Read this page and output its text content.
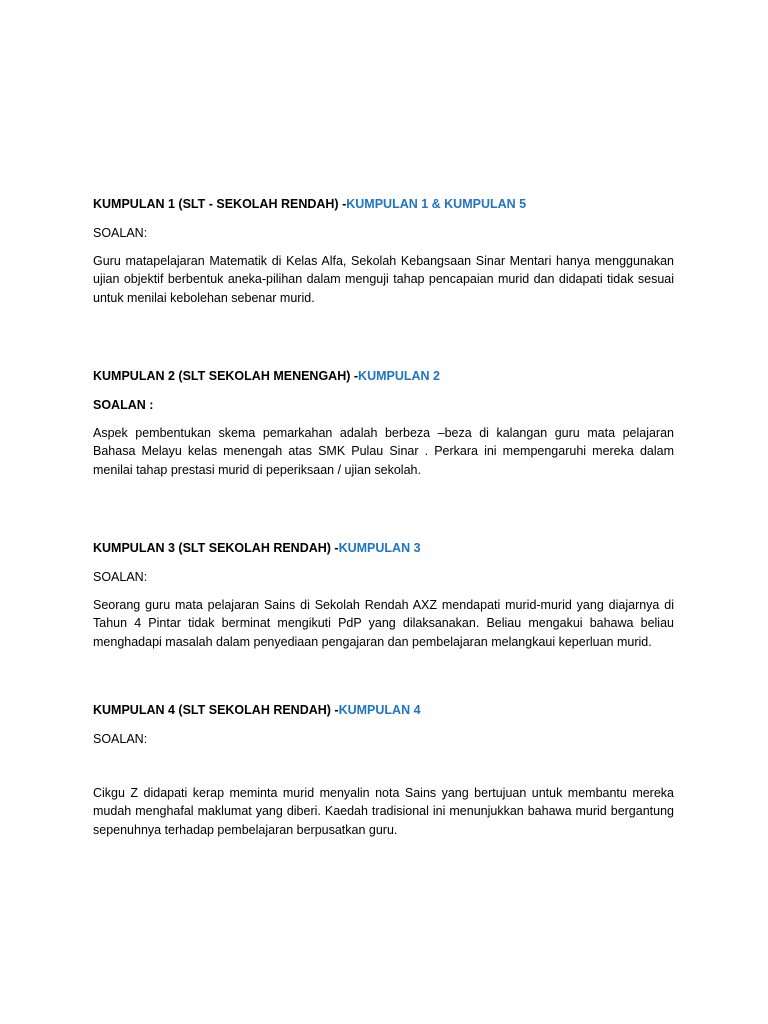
KUMPULAN 1 (SLT - SEKOLAH RENDAH) -KUMPULAN 1 & KUMPULAN 5

SOALAN:

Guru matapelajaran Matematik di Kelas Alfa, Sekolah Kebangsaan Sinar Mentari hanya menggunakan ujian objektif berbentuk aneka-pilihan dalam menguji tahap pencapaian murid dan didapati tidak sesuai untuk menilai kebolehan sebenar murid.

KUMPULAN 2 (SLT SEKOLAH MENENGAH) -KUMPULAN 2

SOALAN :

Aspek pembentukan skema pemarkahan adalah berbeza –beza di kalangan guru mata pelajaran Bahasa Melayu kelas menengah atas SMK Pulau Sinar . Perkara ini mempengaruhi mereka dalam menilai tahap prestasi murid di peperiksaan / ujian sekolah.

KUMPULAN 3 (SLT SEKOLAH RENDAH) -KUMPULAN 3

SOALAN:

Seorang guru mata pelajaran Sains di Sekolah Rendah AXZ mendapati murid-murid yang diajarnya di Tahun 4 Pintar tidak berminat mengikuti PdP yang dilaksanakan. Beliau mengakui bahawa beliau menghadapi masalah dalam penyediaan pengajaran dan pembelajaran melangkaui keperluan murid.

KUMPULAN 4 (SLT SEKOLAH RENDAH) -KUMPULAN 4

SOALAN:

Cikgu Z didapati kerap meminta murid menyalin nota Sains yang bertujuan untuk membantu mereka mudah menghafal maklumat yang diberi. Kaedah tradisional ini menunjukkan bahawa murid bergantung sepenuhnya terhadap pembelajaran berpusatkan guru.
